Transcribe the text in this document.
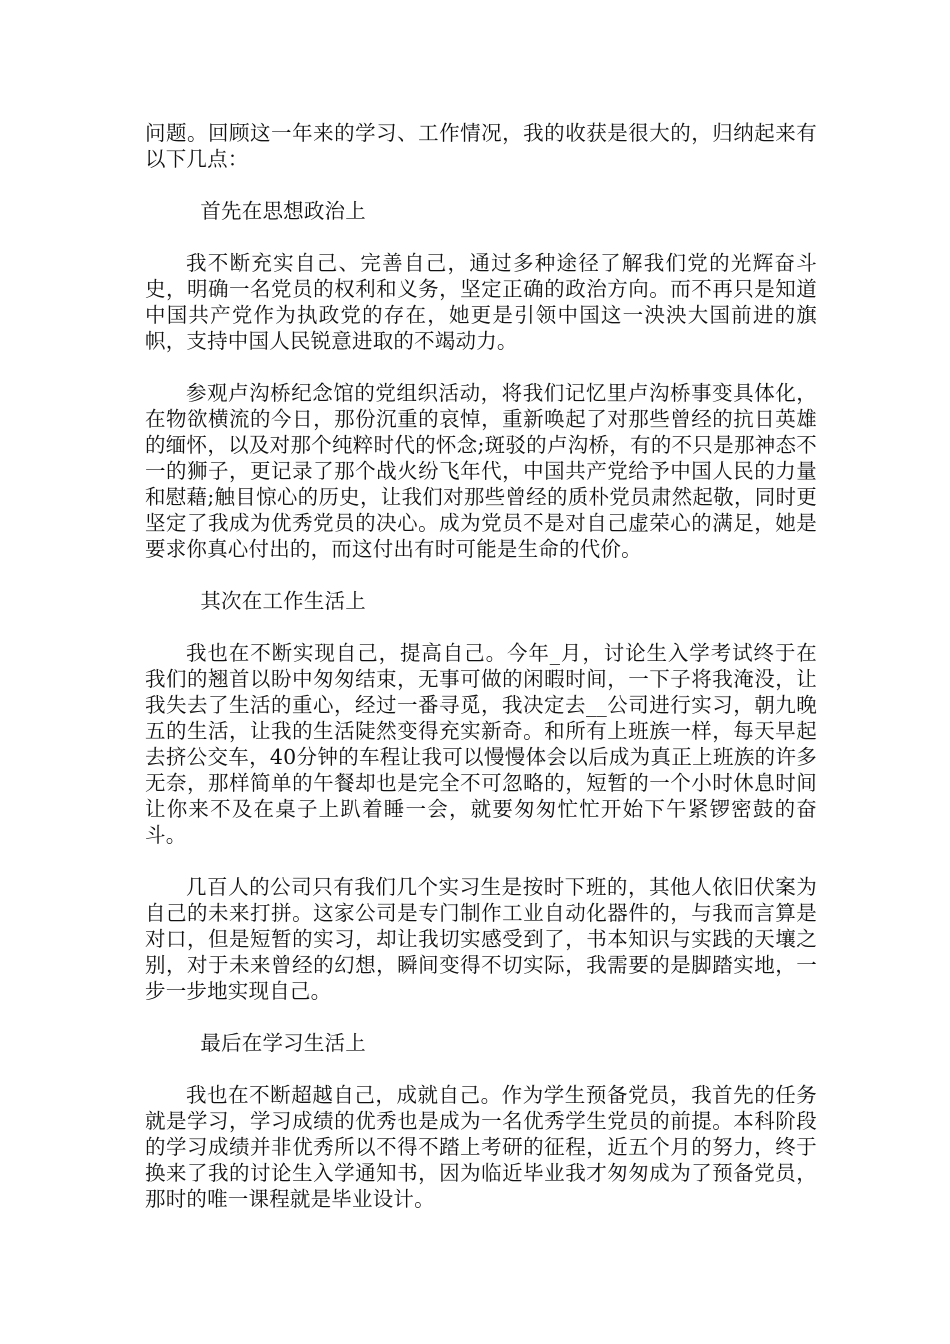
问题。回顾这一年来的学习、工作情况，我的收获是很大的，归纳起来有以下几点：

首先在思想政治上

我不断充实自己、完善自己，通过多种途径了解我们党的光辉奋斗史，明确一名党员的权利和义务，坚定正确的政治方向。而不再只是知道中国共产党作为执政党的存在，她更是引领中国这一泱泱大国前进的旗帜，支持中国人民锐意进取的不竭动力。

参观卢沟桥纪念馆的党组织活动，将我们记忆里卢沟桥事变具体化，在物欲横流的今日，那份沉重的哀悼，重新唤起了对那些曾经的抗日英雄的缅怀，以及对那个纯粹时代的怀念;斑驳的卢沟桥，有的不只是那神态不一的狮子，更记录了那个战火纷飞年代，中国共产党给予中国人民的力量和慰藉;触目惊心的历史，让我们对那些曾经的质朴党员肃然起敬，同时更坚定了我成为优秀党员的决心。成为党员不是对自己虚荣心的满足，她是要求你真心付出的，而这付出有时可能是生命的代价。

其次在工作生活上

我也在不断实现自己，提高自己。今年_月，讨论生入学考试终于在我们的翘首以盼中匆匆结束，无事可做的闲暇时间，一下子将我淹没，让我失去了生活的重心，经过一番寻觅，我决定去__公司进行实习，朝九晚五的生活，让我的生活陡然变得充实新奇。和所有上班族一样，每天早起去挤公交车，40分钟的车程让我可以慢慢体会以后成为真正上班族的许多无奈，那样简单的午餐却也是完全不可忽略的，短暂的一个小时休息时间让你来不及在桌子上趴着睡一会，就要匆匆忙忙开始下午紧锣密鼓的奋斗。

几百人的公司只有我们几个实习生是按时下班的，其他人依旧伏案为自己的未来打拼。这家公司是专门制作工业自动化器件的，与我而言算是对口，但是短暂的实习，却让我切实感受到了，书本知识与实践的天壤之别，对于未来曾经的幻想，瞬间变得不切实际，我需要的是脚踏实地，一步一步地实现自己。

最后在学习生活上

我也在不断超越自己，成就自己。作为学生预备党员，我首先的任务就是学习，学习成绩的优秀也是成为一名优秀学生党员的前提。本科阶段的学习成绩并非优秀所以不得不踏上考研的征程，近五个月的努力，终于换来了我的讨论生入学通知书，因为临近毕业我才匆匆成为了预备党员，那时的唯一课程就是毕业设计。
